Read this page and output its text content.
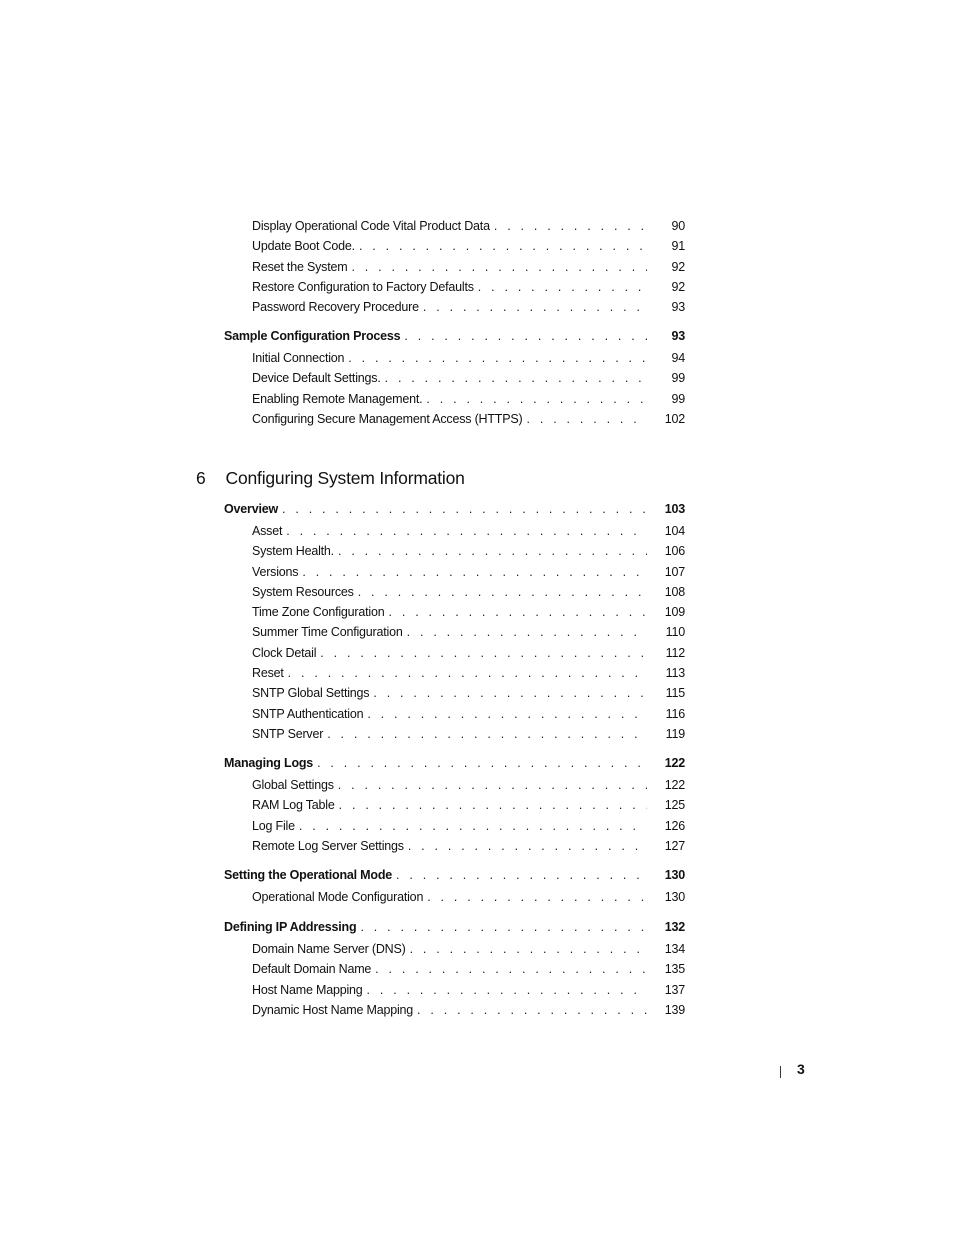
Display Operational Code Vital Product Data . . .	90
Update Boot Code. . . .	91
Reset the System . . .	92
Restore Configuration to Factory Defaults . . .	92
Password Recovery Procedure . . .	93
Sample Configuration Process . . .	93
Initial Connection . . .	94
Device Default Settings. . . .	99
Enabling Remote Management. . . .	99
Configuring Secure Management Access (HTTPS) . . .	102
6 Configuring System Information
Overview . . .	103
Asset . . .	104
System Health. . . .	106
Versions . . .	107
System Resources . . .	108
Time Zone Configuration . . .	109
Summer Time Configuration . . .	110
Clock Detail . . .	112
Reset . . .	113
SNTP Global Settings . . .	115
SNTP Authentication . . .	116
SNTP Server . . .	119
Managing Logs . . .	122
Global Settings . . .	122
RAM Log Table . . .	125
Log File . . .	126
Remote Log Server Settings . . .	127
Setting the Operational Mode . . .	130
Operational Mode Configuration . . .	130
Defining IP Addressing . . .	132
Domain Name Server (DNS) . . .	134
Default Domain Name . . .	135
Host Name Mapping . . .	137
Dynamic Host Name Mapping . . .	139
3
